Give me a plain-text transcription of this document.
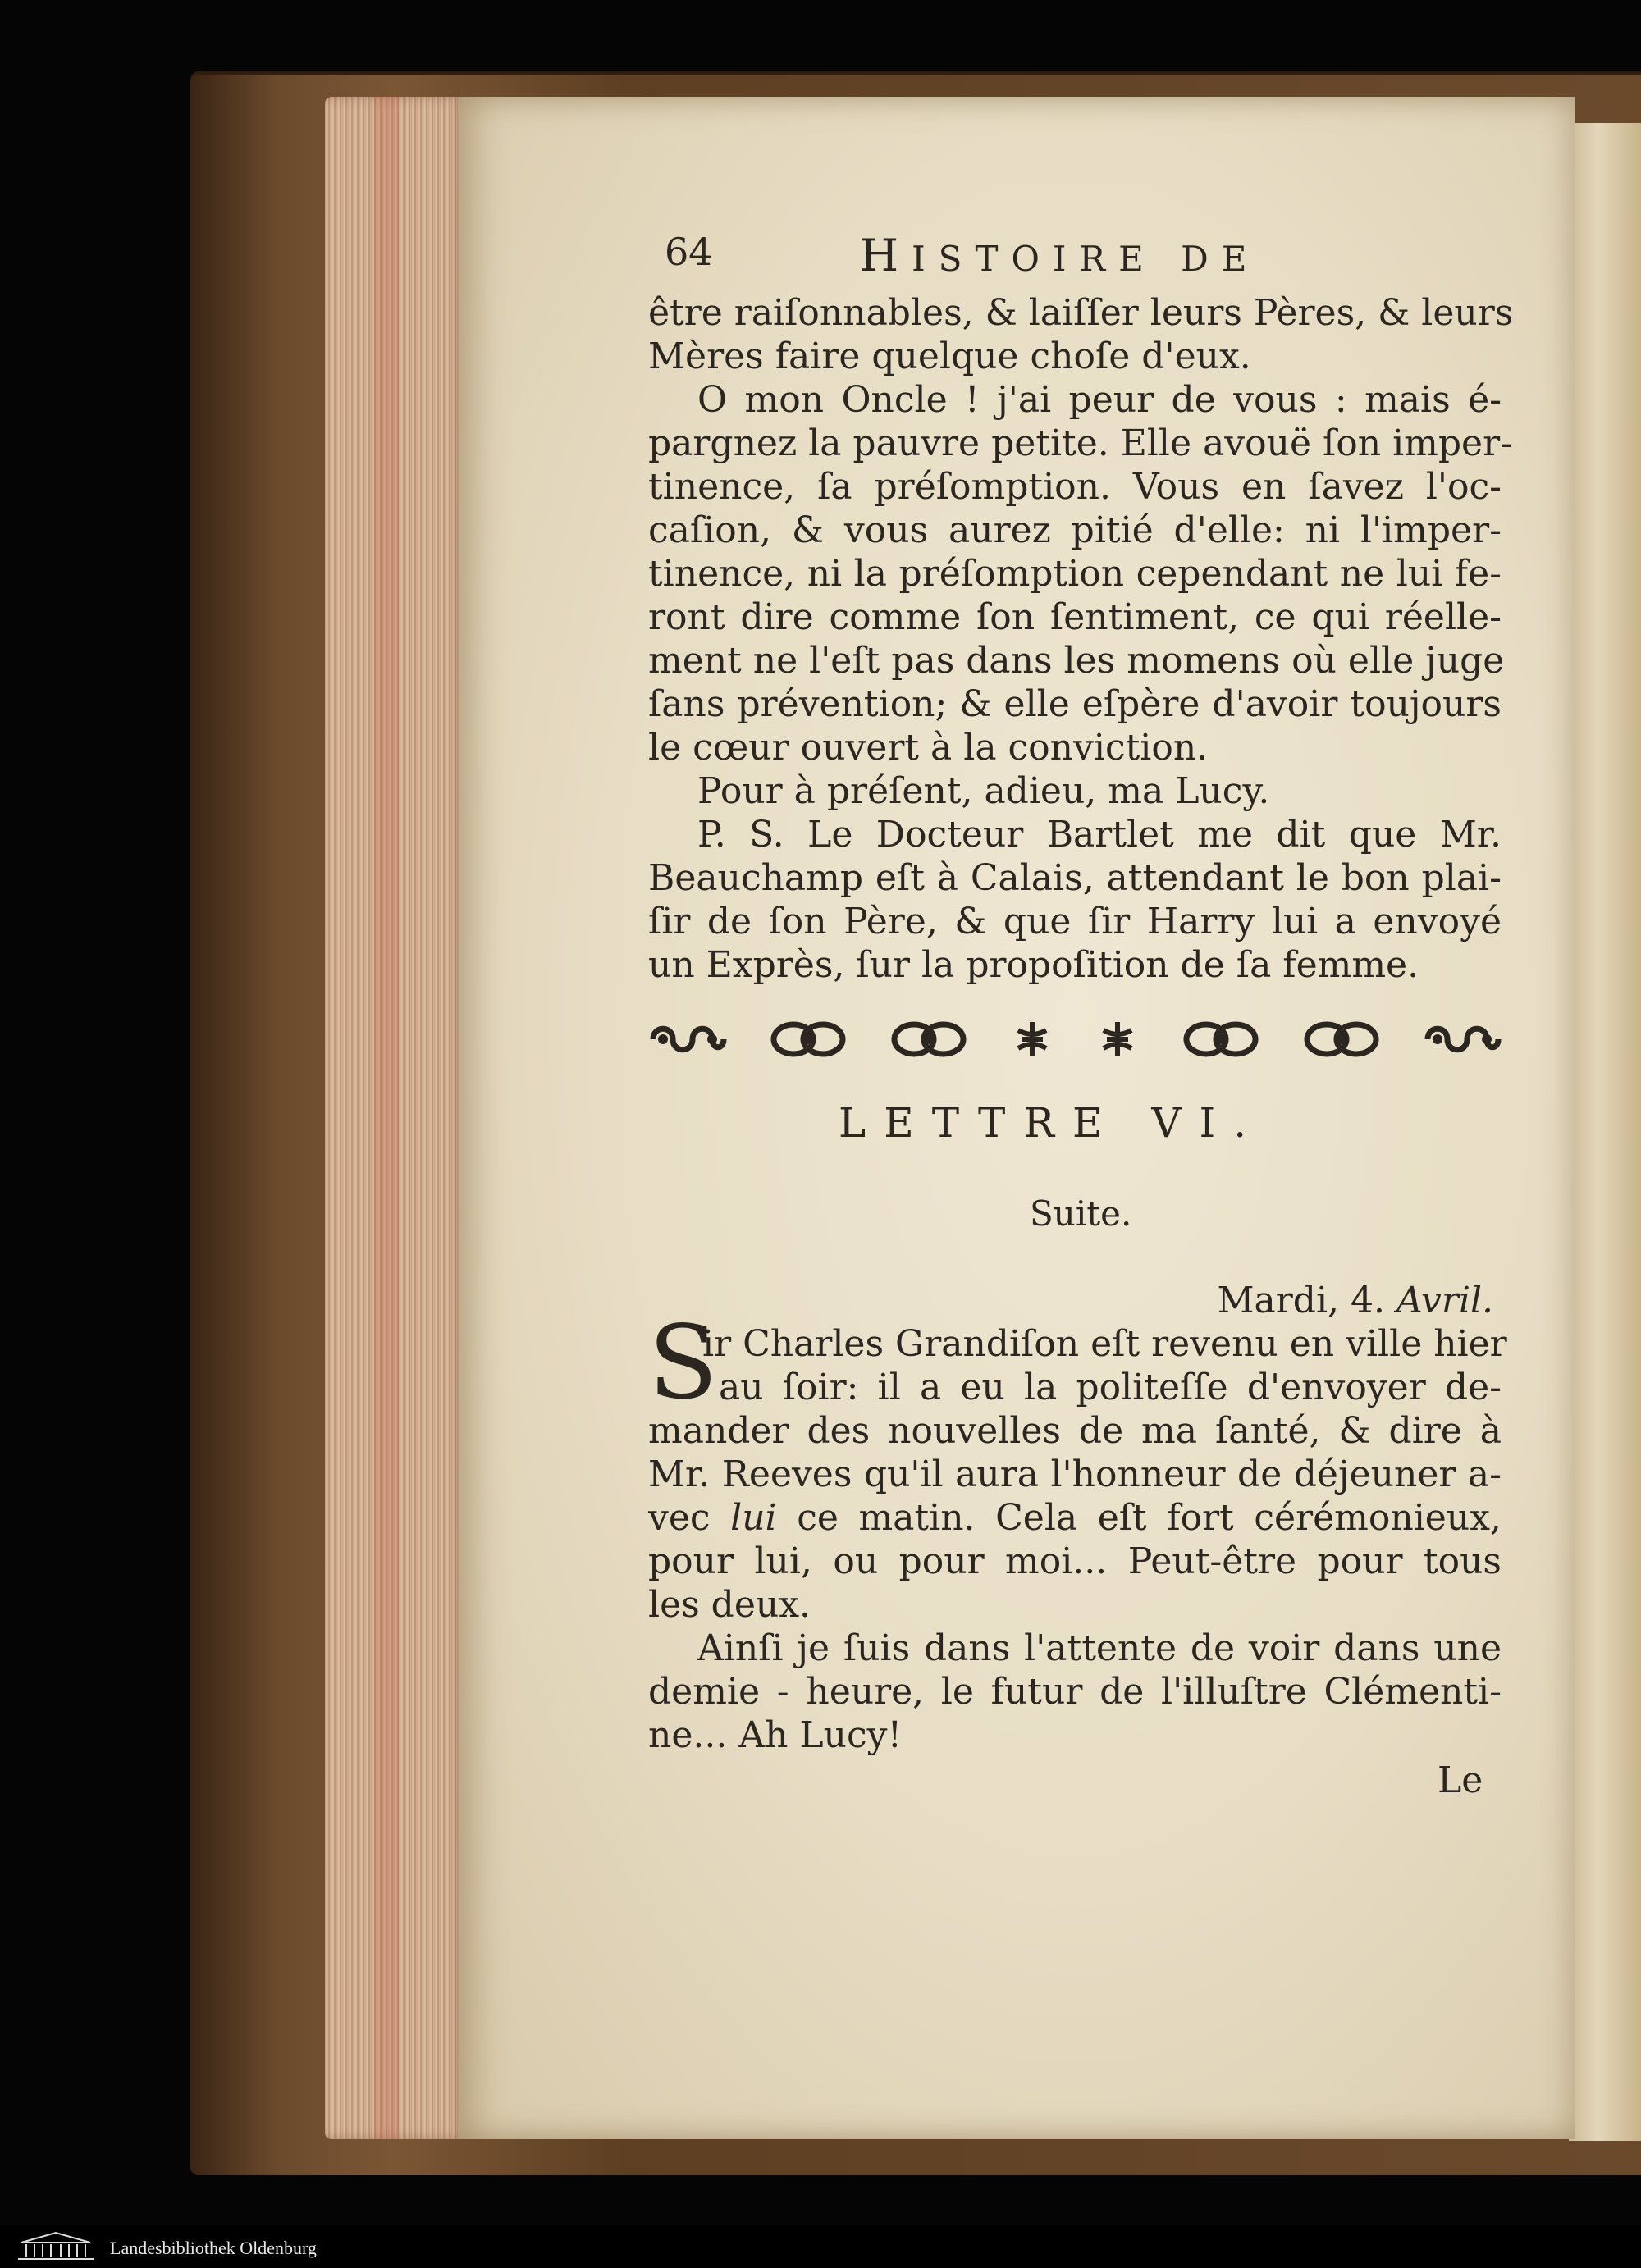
64	HISTOIRE DE
être raiſonnables, & laiſſer leurs Pères, & leurs
Mères faire quelque choſe d'eux.
O mon Oncle ! j'ai peur de vous : mais é-
pargnez la pauvre petite. Elle avouë ſon imper-
tinence, ſa préſomption. Vous en ſavez l'oc-
caſion, & vous aurez pitié d'elle: ni l'imper-
tinence, ni la préſomption cependant ne lui fe-
ront dire comme ſon ſentiment, ce qui réelle-
ment ne l'eſt pas dans les momens où elle juge
ſans prévention; & elle eſpère d'avoir toujours
le cœur ouvert à la conviction.
Pour à préſent, adieu, ma Lucy.
P. S. Le Docteur Bartlet me dit que Mr.
Beauchamp eſt à Calais, attendant le bon plai-
ſir de ſon Père, & que ſir Harry lui a envoyé
un Exprès, ſur la propoſition de ſa femme.
LETTRE VI.
Suite.
Mardi, 4. Avril.
S
ir Charles Grandiſon eſt revenu en ville hier
au ſoir: il a eu la politeſſe d'envoyer de-
mander des nouvelles de ma ſanté, & dire à
Mr. Reeves qu'il aura l'honneur de déjeuner a-
vec lui ce matin. Cela eſt fort cérémonieux,
pour lui, ou pour moi... Peut-être pour tous
les deux.
Ainſi je ſuis dans l'attente de voir dans une
demie - heure, le futur de l'illuſtre Clémenti-
ne... Ah Lucy!
Le
Landesbibliothek Oldenburg
